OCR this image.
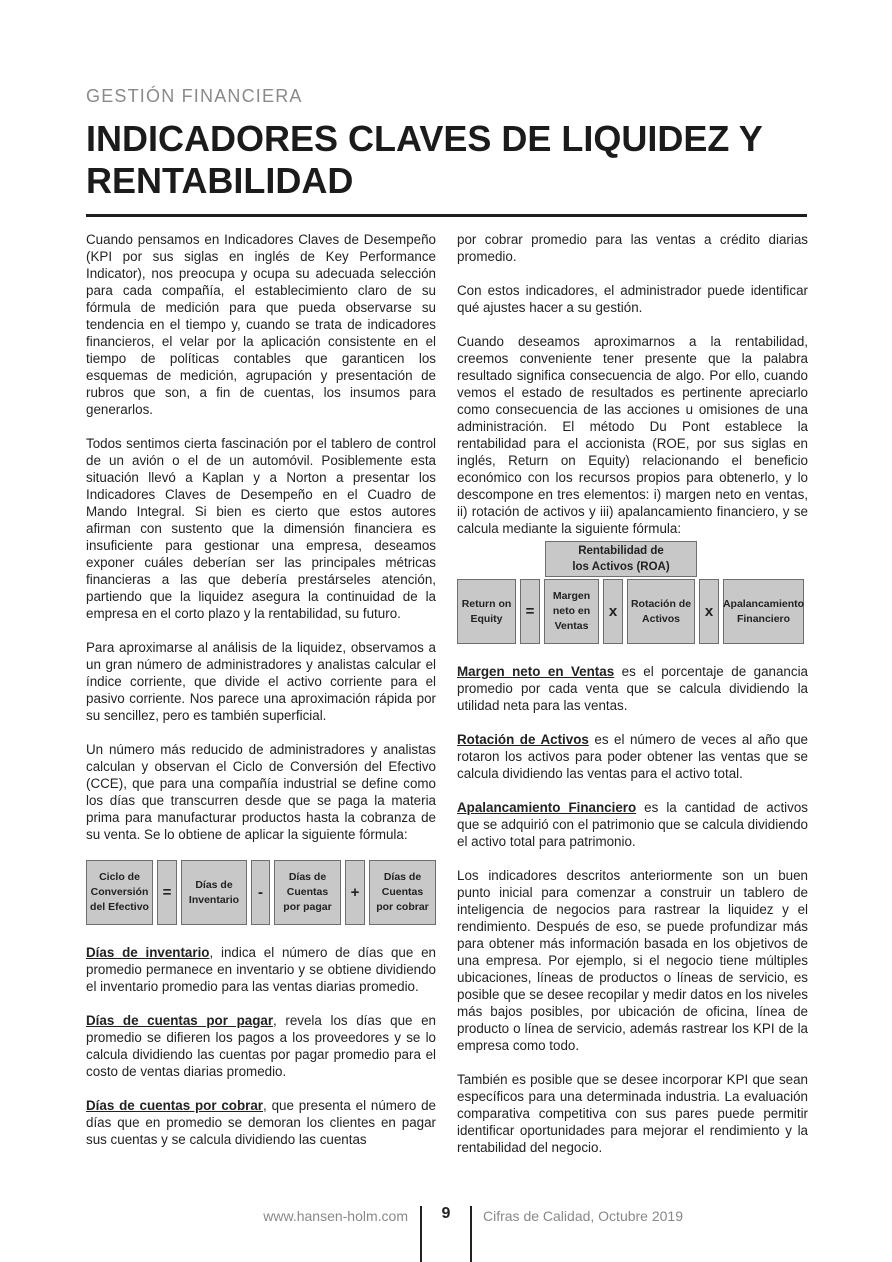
GESTIÓN FINANCIERA
INDICADORES CLAVES DE LIQUIDEZ Y RENTABILIDAD

Cuando pensamos en Indicadores Claves de Desempeño (KPI por sus siglas en inglés de Key Performance Indicator), nos preocupa y ocupa su adecuada selección para cada compañía, el establecimiento claro de su fórmula de medición para que pueda observarse su tendencia en el tiempo y, cuando se trata de indicadores financieros, el velar por la aplicación consistente en el tiempo de políticas contables que garanticen los esquemas de medición, agrupación y presentación de rubros que son, a fin de cuentas, los insumos para generarlos.

Todos sentimos cierta fascinación por el tablero de control de un avión o el de un automóvil. Posiblemente esta situación llevó a Kaplan y a Norton a presentar los Indicadores Claves de Desempeño en el Cuadro de Mando Integral. Si bien es cierto que estos autores afirman con sustento que la dimensión financiera es insuficiente para gestionar una empresa, deseamos exponer cuáles deberían ser las principales métricas financieras a las que debería prestárseles atención, partiendo que la liquidez asegura la continuidad de la empresa en el corto plazo y la rentabilidad, su futuro.

Para aproximarse al análisis de la liquidez, observamos a un gran número de administradores y analistas calcular el índice corriente, que divide el activo corriente para el pasivo corriente. Nos parece una aproximación rápida por su sencillez, pero es también superficial.

Un número más reducido de administradores y analistas calculan y observan el Ciclo de Conversión del Efectivo (CCE), que para una compañía industrial se define como los días que transcurren desde que se paga la materia prima para manufacturar productos hasta la cobranza de su venta. Se lo obtiene de aplicar la siguiente fórmula:

Ciclo de
Conversión
del Efectivo
=	Días de
Inventario	-
Días de
Cuentas
por pagar
+
Días de
Cuentas
por cobrar

Días de inventario, indica el número de días que en promedio permanece en inventario y se obtiene dividiendo el inventario promedio para las ventas diarias promedio.

Días de cuentas por pagar, revela los días que en promedio se difieren los pagos a los proveedores y se lo calcula dividiendo las cuentas por pagar promedio para el costo de ventas diarias promedio.

Días de cuentas por cobrar, que presenta el número de días que en promedio se demoran los clientes en pagar sus cuentas y se calcula dividiendo las cuentas

por cobrar promedio para las ventas a crédito diarias promedio.

Con estos indicadores, el administrador puede identificar qué ajustes hacer a su gestión.

Cuando deseamos aproximarnos a la rentabilidad, creemos conveniente tener presente que la palabra resultado significa consecuencia de algo. Por ello, cuando vemos el estado de resultados es pertinente apreciarlo como consecuencia de las acciones u omisiones de una administración. El método Du Pont establece la rentabilidad para el accionista (ROE, por sus siglas en inglés, Return on Equity) relacionando el beneficio económico con los recursos propios para obtenerlo, y lo descompone en tres elementos: i) margen neto en ventas, ii) rotación de activos y iii) apalancamiento financiero, y se calcula mediante la siguiente fórmula:

Rentabilidad de
los Activos (ROA)
Return on
Equity	=
Margen
neto en
Ventas
x	Rotación de
Activos	x Apalancamiento
Financiero

Margen neto en Ventas es el porcentaje de ganancia promedio por cada venta que se calcula dividiendo la utilidad neta para las ventas.

Rotación de Activos es el número de veces al año que rotaron los activos para poder obtener las ventas que se calcula dividiendo las ventas para el activo total.

Apalancamiento Financiero es la cantidad de activos que se adquirió con el patrimonio que se calcula dividiendo el activo total para patrimonio.

Los indicadores descritos anteriormente son un buen punto inicial para comenzar a construir un tablero de inteligencia de negocios para rastrear la liquidez y el rendimiento. Después de eso, se puede profundizar más para obtener más información basada en los objetivos de una empresa. Por ejemplo, si el negocio tiene múltiples ubicaciones, líneas de productos o líneas de servicio, es posible que se desee recopilar y medir datos en los niveles más bajos posibles, por ubicación de oficina, línea de producto o línea de servicio, además rastrear los KPI de la empresa como todo.

También es posible que se desee incorporar KPI que sean específicos para una determinada industria. La evaluación comparativa competitiva con sus pares puede permitir identificar oportunidades para mejorar el rendimiento y la rentabilidad del negocio.

www.hansen-holm.com	9	Cifras de Calidad, Octubre 2019
